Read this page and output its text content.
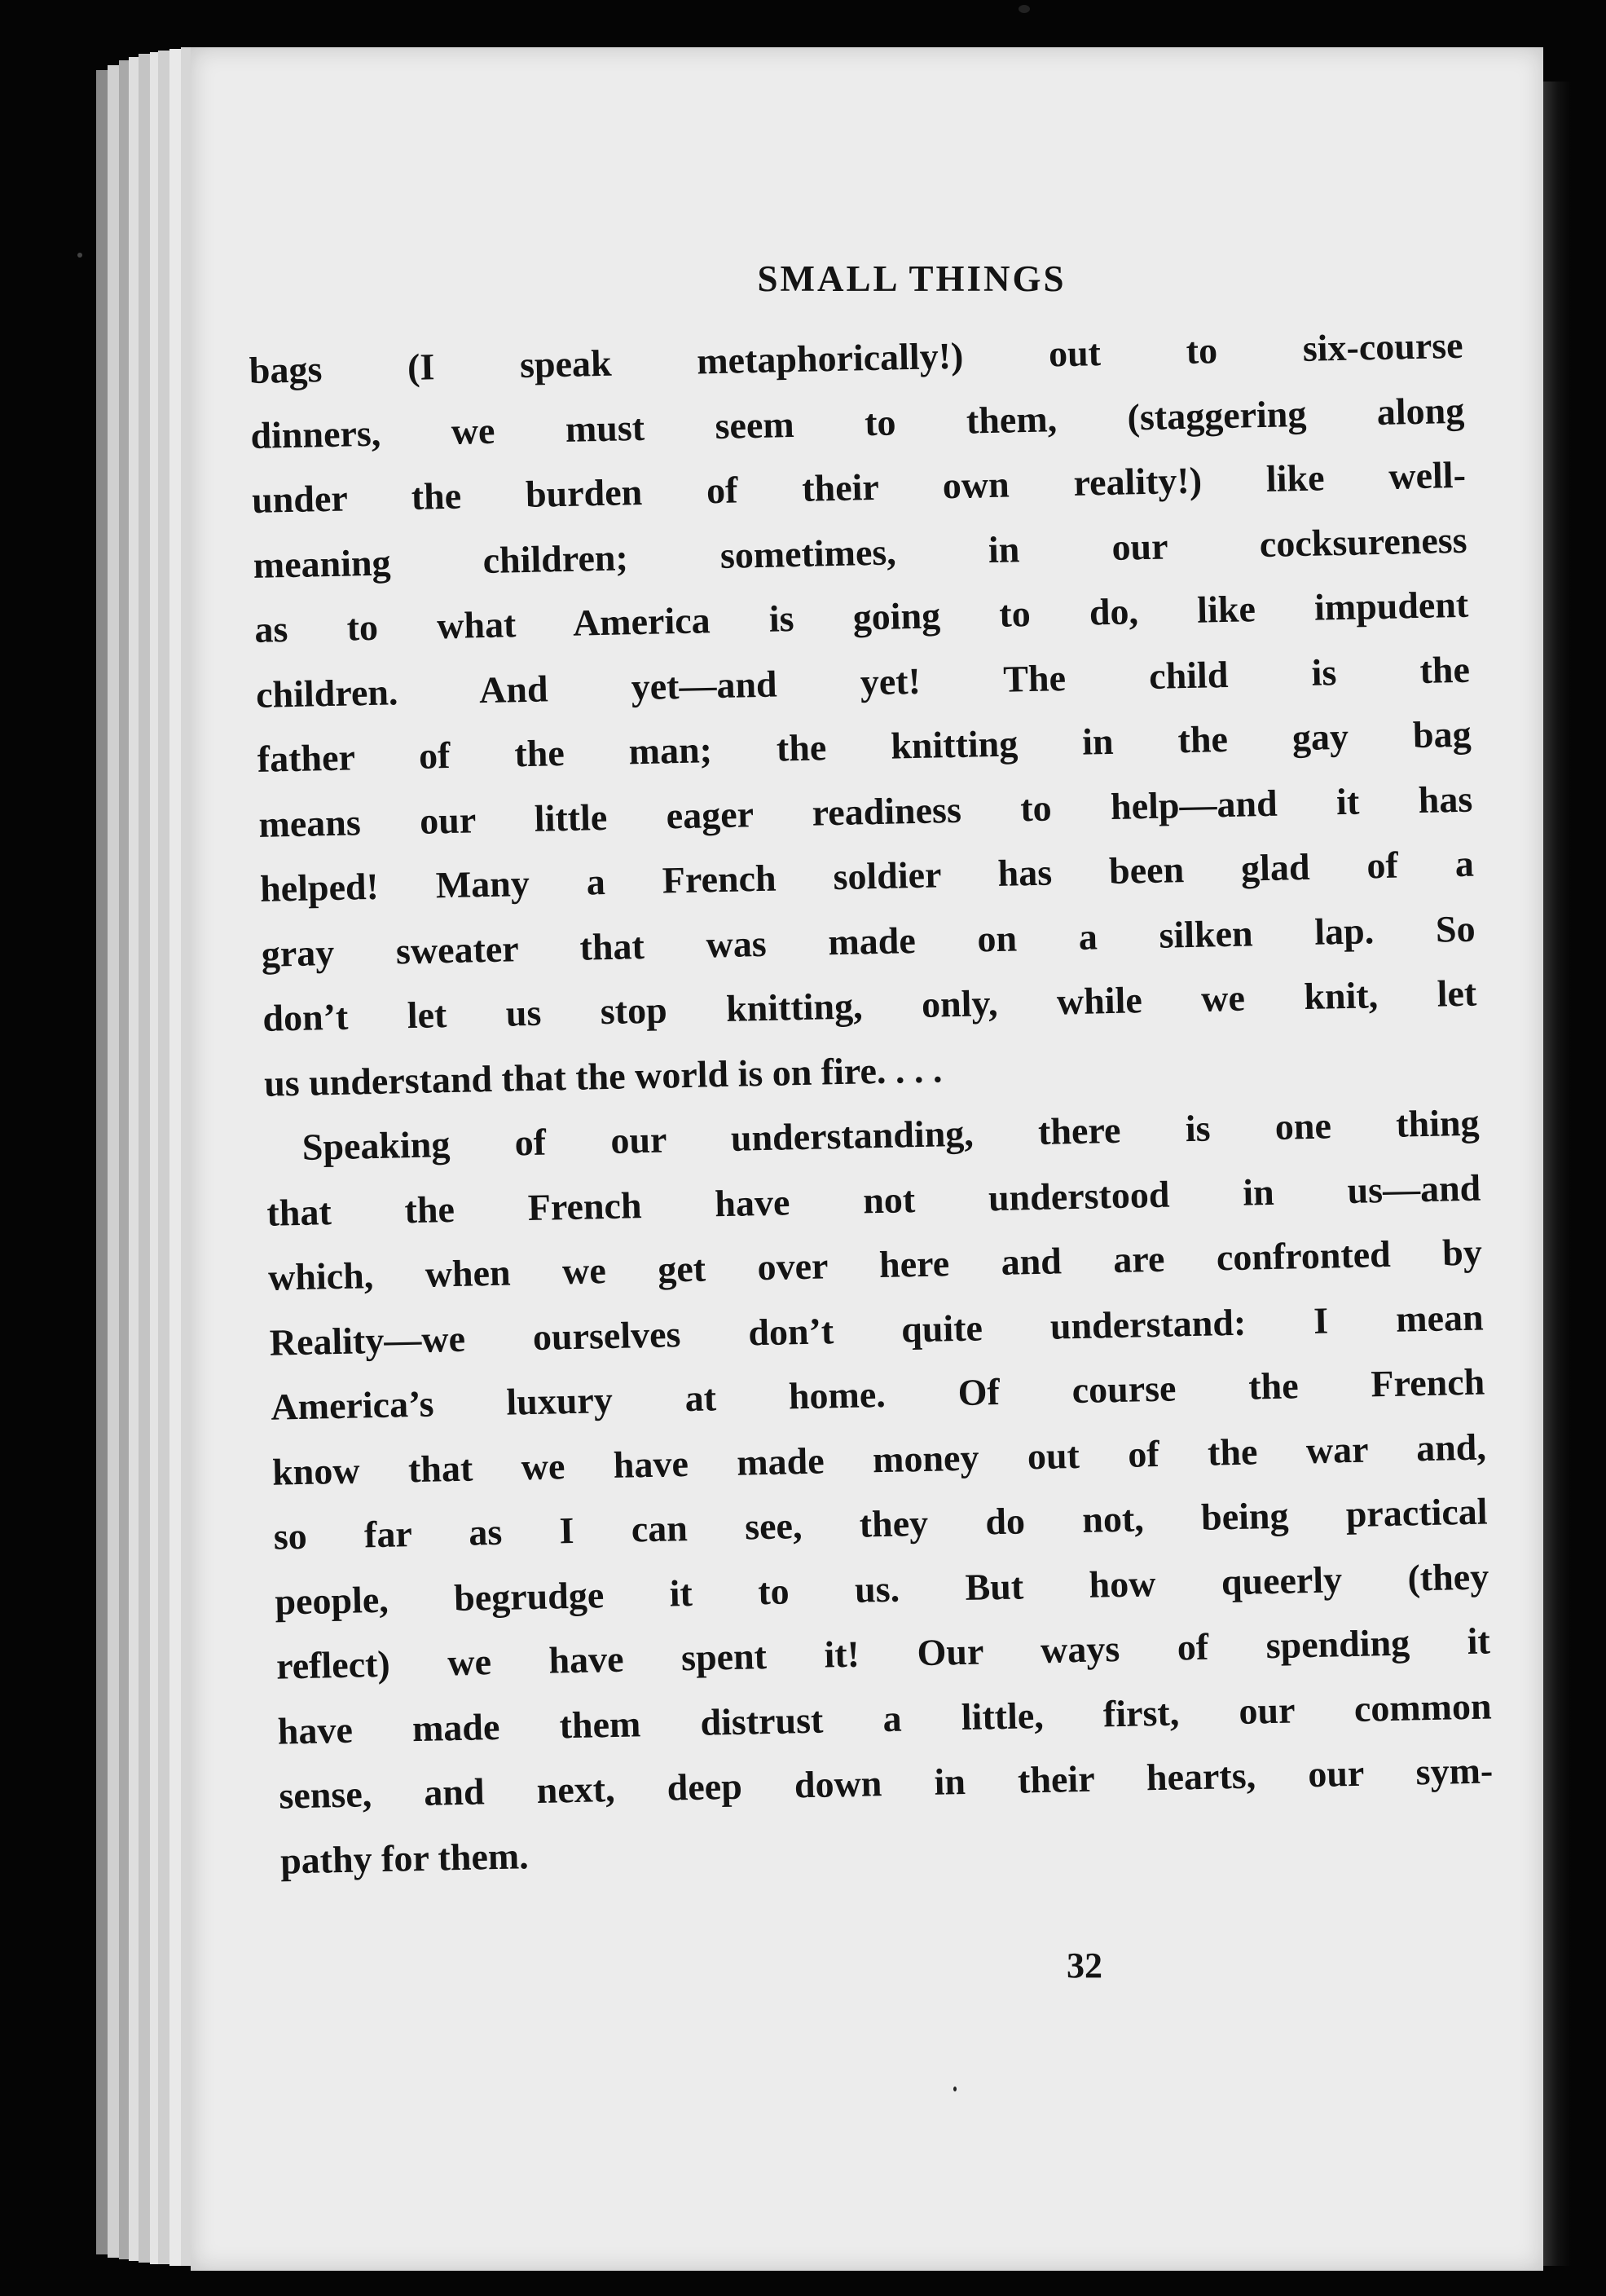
SMALL THINGS
32
bags (I speak metaphorically!) out to six-course
dinners, we must seem to them, (staggering along
under the burden of their own reality!) like well-
meaning children; sometimes, in our cocksureness
as to what America is going to do, like impudent
children. And yet—and yet! The child is the
father of the man; the knitting in the gay bag
means our little eager readiness to help—and it has
helped! Many a French soldier has been glad of a
gray sweater that was made on a silken lap. So
don’t let us stop knitting, only, while we knit, let
us understand that the world is on fire. . . .
Speaking of our understanding, there is one thing
that the French have not understood in us—and
which, when we get over here and are confronted by
Reality—we ourselves don’t quite understand: I mean
America’s luxury at home. Of course the French
know that we have made money out of the war and,
so far as I can see, they do not, being practical
people, begrudge it to us. But how queerly (they
reflect) we have spent it! Our ways of spending it
have made them distrust a little, first, our common
sense, and next, deep down in their hearts, our sym-
pathy for them.
